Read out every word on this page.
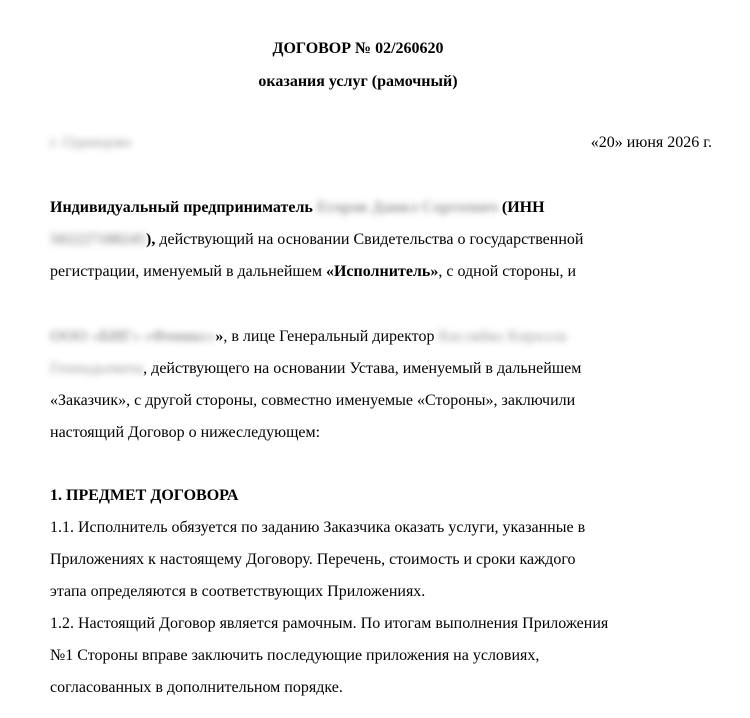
ДОГОВОР № 02/260620
оказания услуг (рамочный)
г. Одинцово	«20» июня 2026 г.
Индивидуальный предприниматель Егоров Данил Сергеевич (ИНН
502227188245), действующий на основании Свидетельства о государственной
регистрации, именуемый в дальнейшем «Исполнитель», с одной стороны, и
ООО «БИГ» «Феникс»», в лице Генеральный директор Кисляйко Кирилла
Геннадьевича, действующего на основании Устава, именуемый в дальнейшем
«Заказчик», с другой стороны, совместно именуемые «Стороны», заключили
настоящий Договор о нижеследующем:
1. ПРЕДМЕТ ДОГОВОРА
1.1. Исполнитель обязуется по заданию Заказчика оказать услуги, указанные в
Приложениях к настоящему Договору. Перечень, стоимость и сроки каждого
этапа определяются в соответствующих Приложениях.
1.2. Настоящий Договор является рамочным. По итогам выполнения Приложения
№1 Стороны вправе заключить последующие приложения на условиях,
согласованных в дополнительном порядке.
